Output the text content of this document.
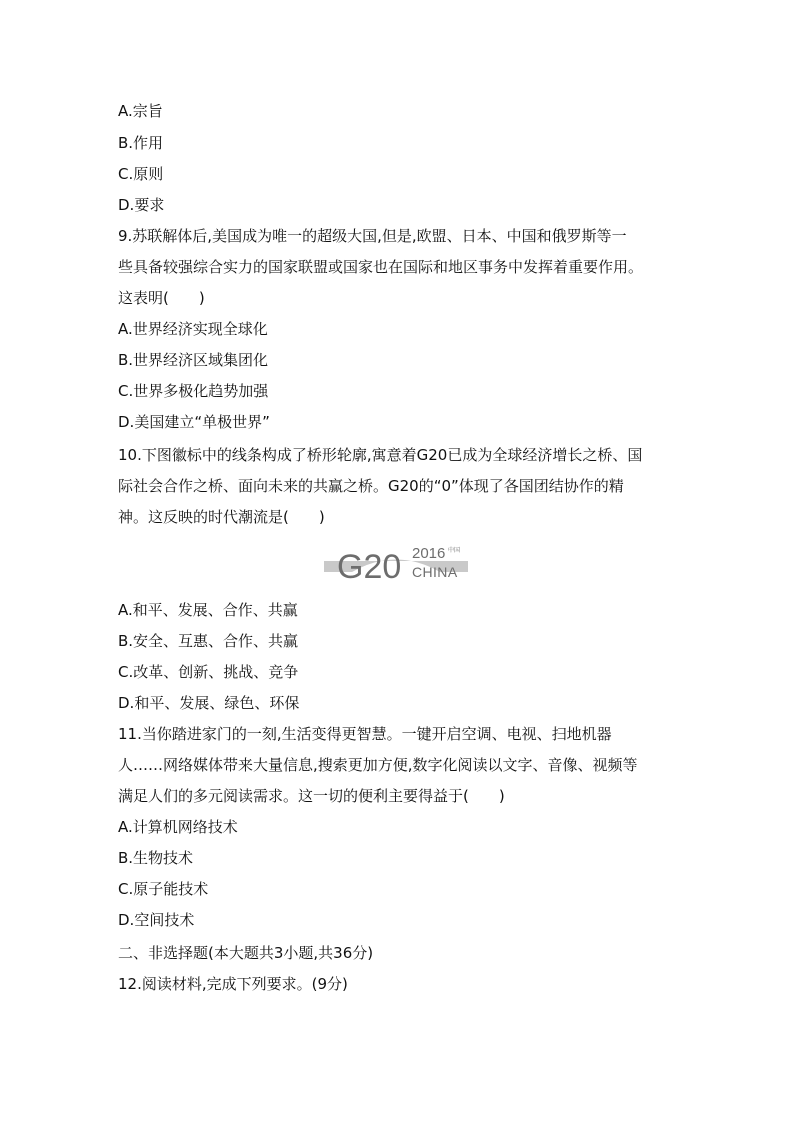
A.宗旨
B.作用
C.原则
D.要求
9.苏联解体后,美国成为唯一的超级大国,但是,欧盟、日本、中国和俄罗斯等一
些具备较强综合实力的国家联盟或国家也在国际和地区事务中发挥着重要作用。
这表明(　　)
A.世界经济实现全球化
B.世界经济区域集团化
C.世界多极化趋势加强
D.美国建立“单极世界”
10.下图徽标中的线条构成了桥形轮廓,寓意着G20已成为全球经济增长之桥、国
际社会合作之桥、面向未来的共赢之桥。G20的“0”体现了各国团结协作的精
神。这反映的时代潮流是(　　)
G20 2016 中国
CHINA
A.和平、发展、合作、共赢
B.安全、互惠、合作、共赢
C.改革、创新、挑战、竞争
D.和平、发展、绿色、环保
11.当你踏进家门的一刻,生活变得更智慧。一键开启空调、电视、扫地机器
人……网络媒体带来大量信息,搜索更加方便,数字化阅读以文字、音像、视频等
满足人们的多元阅读需求。这一切的便利主要得益于(　　)
A.计算机网络技术
B.生物技术
C.原子能技术
D.空间技术
二、非选择题(本大题共3小题,共36分)
12.阅读材料,完成下列要求。(9分)
